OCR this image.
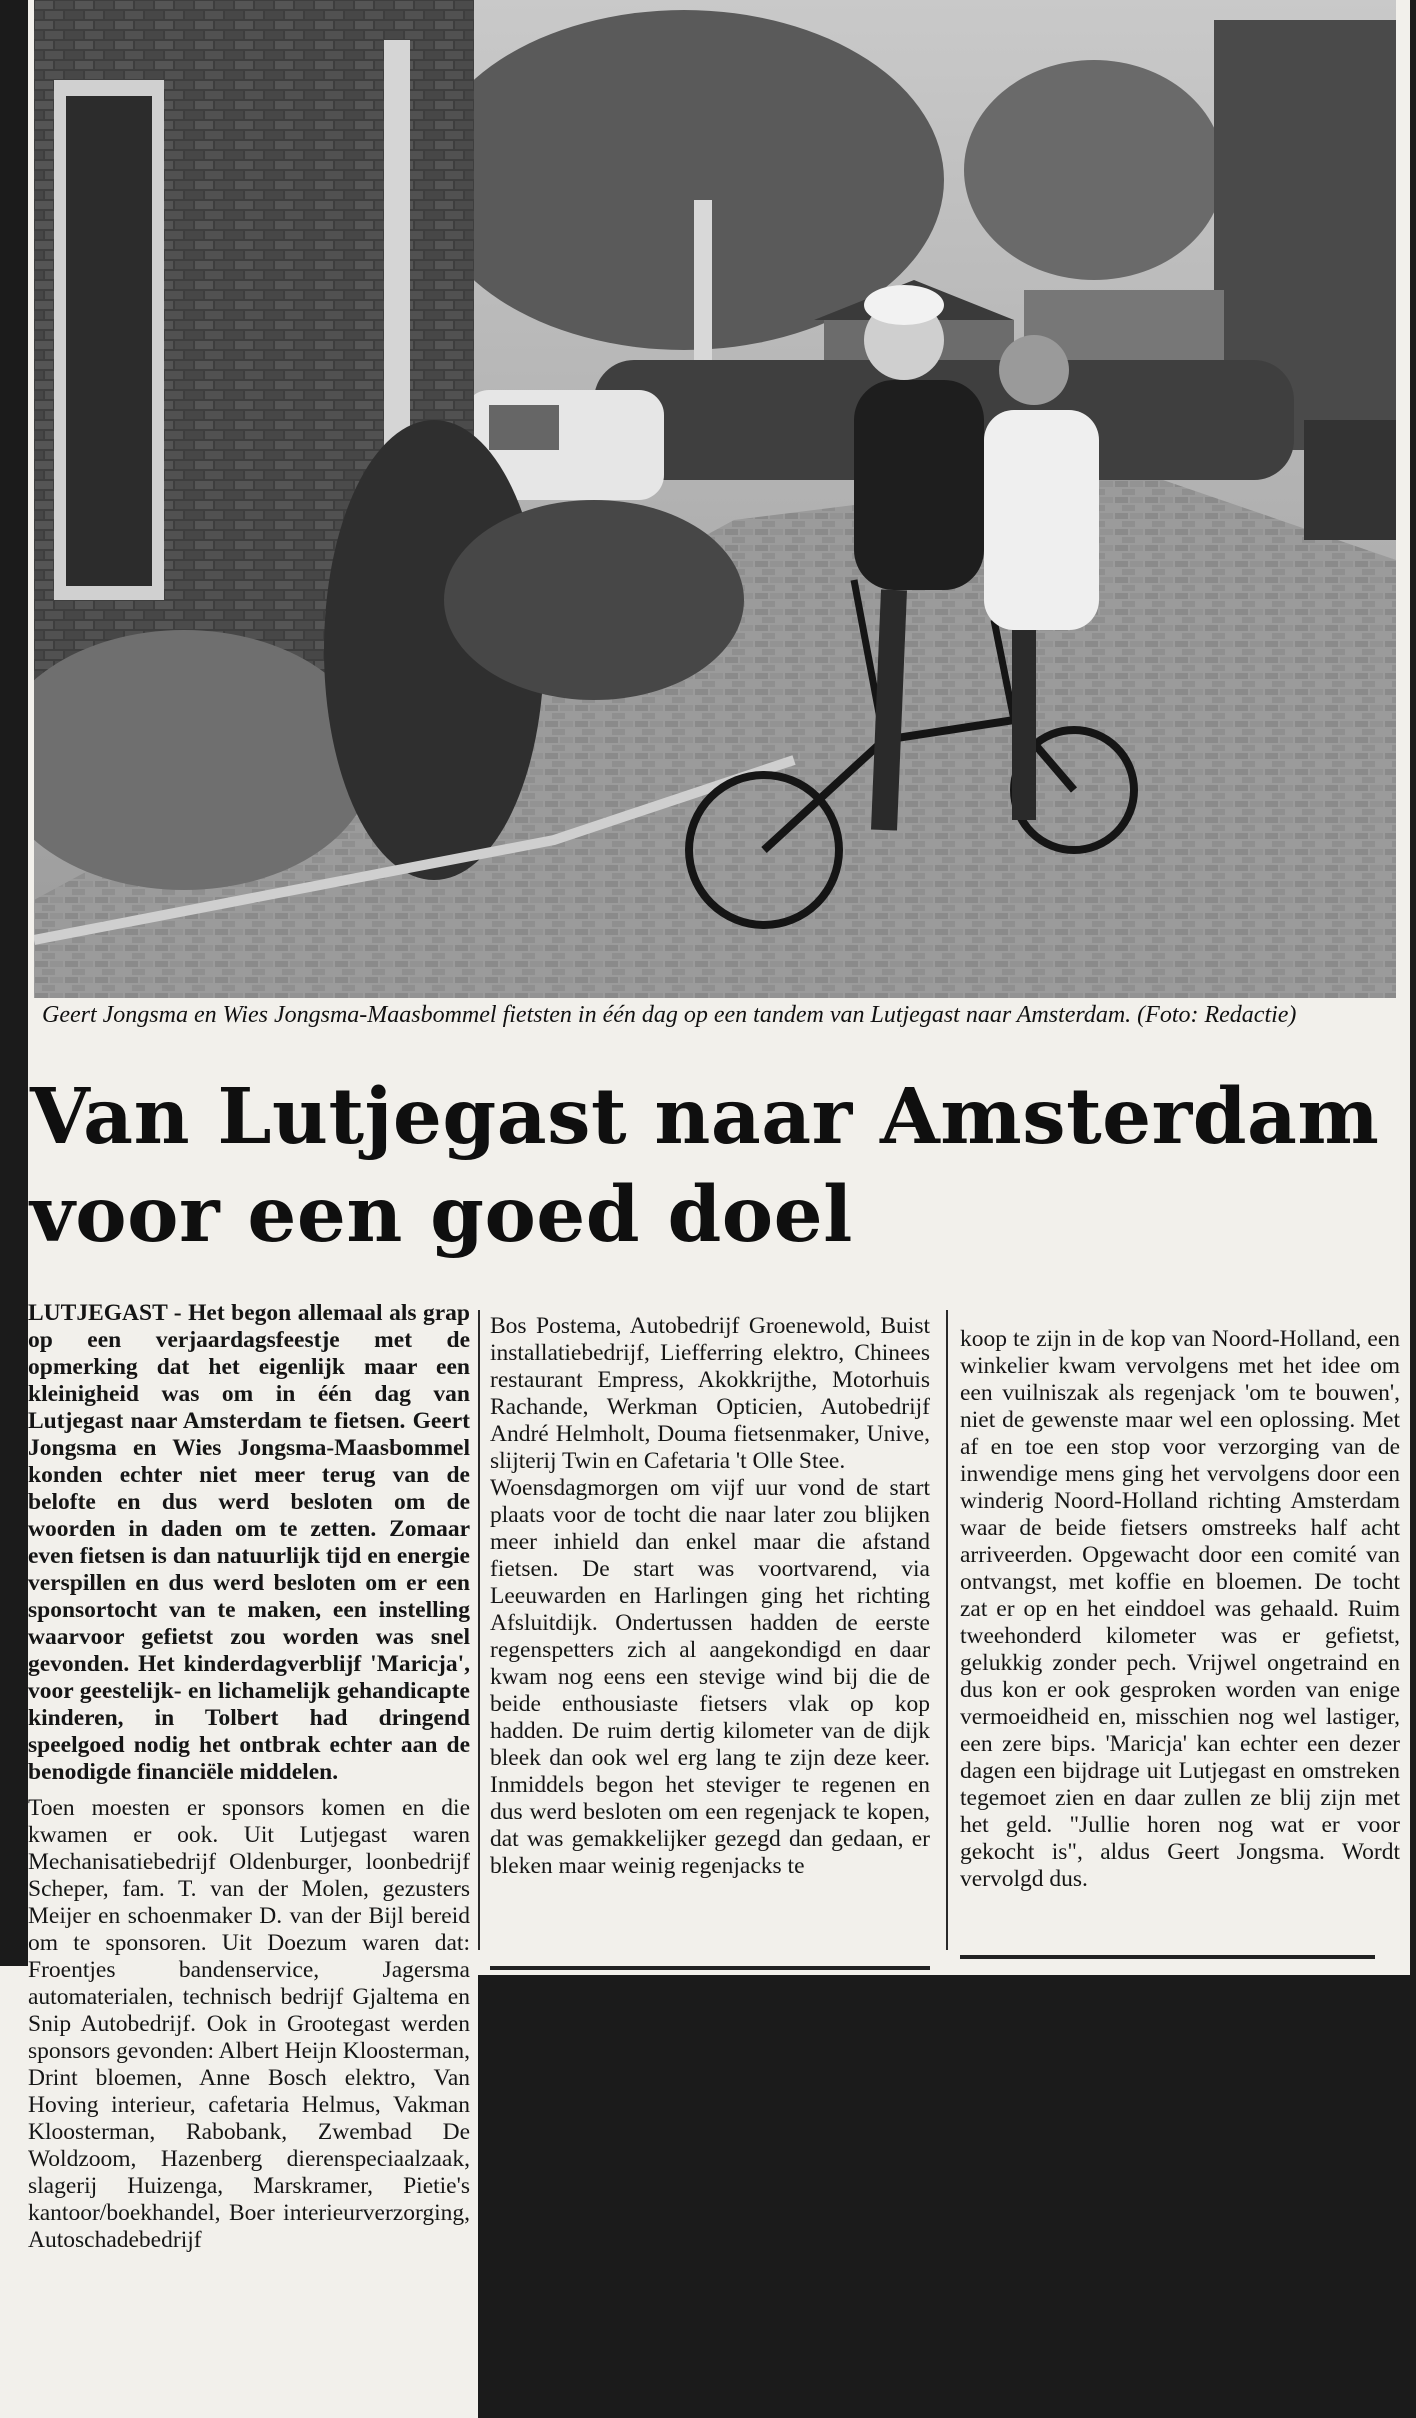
Geert Jongsma en Wies Jongsma-Maasbommel fietsten in één dag op een tandem van Lutjegast naar Amsterdam. (Foto: Redactie)
Van Lutjegast naar Amsterdam
voor een goed doel

LUTJEGAST - Het begon allemaal als grap op een verjaardagsfeestje met de opmerking dat het eigenlijk maar een kleinigheid was om in één dag van Lutjegast naar Amsterdam te fietsen. Geert Jongsma en Wies Jongsma-Maasbommel konden echter niet meer terug van de belofte en dus werd besloten om de woorden in daden om te zetten. Zomaar even fietsen is dan natuurlijk tijd en energie verspillen en dus werd besloten om er een sponsortocht van te maken, een instelling waarvoor gefietst zou worden was snel gevonden. Het kinderdagverblijf 'Maricja', voor geestelijk- en lichamelijk gehandicapte kinderen, in Tolbert had dringend speelgoed nodig het ontbrak echter aan de benodigde financiële middelen.

Toen moesten er sponsors komen en die kwamen er ook. Uit Lutjegast waren Mechanisatiebedrijf Oldenburger, loonbedrijf Scheper, fam. T. van der Molen, gezusters Meijer en schoenmaker D. van der Bijl bereid om te sponsoren. Uit Doezum waren dat: Froentjes bandenservice, Jagersma automaterialen, technisch bedrijf Gjaltema en Snip Autobedrijf. Ook in Grootegast werden sponsors gevonden: Albert Heijn Kloosterman, Drint bloemen, Anne Bosch elektro, Van Hoving interieur, cafetaria Helmus, Vakman Kloosterman, Rabobank, Zwembad De Woldzoom, Hazenberg dierenspeciaalzaak, slagerij Huizenga, Marskramer, Pietie's kantoor/boekhandel, Boer interieurverzorging, Autoschadebedrijf

Bos Postema, Autobedrijf Groenewold, Buist installatiebedrijf, Liefferring elektro, Chinees restaurant Empress, Akokkrijthe, Motorhuis Rachande, Werkman Opticien, Autobedrijf André Helmholt, Douma fietsenmaker, Unive, slijterij Twin en Cafetaria 't Olle Stee.

Woensdagmorgen om vijf uur vond de start plaats voor de tocht die naar later zou blijken meer inhield dan enkel maar die afstand fietsen. De start was voortvarend, via Leeuwarden en Harlingen ging het richting Afsluitdijk. Ondertussen hadden de eerste regenspetters zich al aangekondigd en daar kwam nog eens een stevige wind bij die de beide enthousiaste fietsers vlak op kop hadden. De ruim dertig kilometer van de dijk bleek dan ook wel erg lang te zijn deze keer. Inmiddels begon het steviger te regenen en dus werd besloten om een regenjack te kopen, dat was gemakkelijker gezegd dan gedaan, er bleken maar weinig regenjacks te

koop te zijn in de kop van Noord-Holland, een winkelier kwam vervolgens met het idee om een vuilniszak als regenjack 'om te bouwen', niet de gewenste maar wel een oplossing. Met af en toe een stop voor verzorging van de inwendige mens ging het vervolgens door een winderig Noord-Holland richting Amsterdam waar de beide fietsers omstreeks half acht arriveerden. Opgewacht door een comité van ontvangst, met koffie en bloemen. De tocht zat er op en het einddoel was gehaald. Ruim tweehonderd kilometer was er gefietst, gelukkig zonder pech. Vrijwel ongetraind en dus kon er ook gesproken worden van enige vermoeidheid en, misschien nog wel lastiger, een zere bips. 'Maricja' kan echter een dezer dagen een bijdrage uit Lutjegast en omstreken tegemoet zien en daar zullen ze blij zijn met het geld. "Jullie horen nog wat er voor gekocht is", aldus Geert Jongsma. Wordt vervolgd dus.
